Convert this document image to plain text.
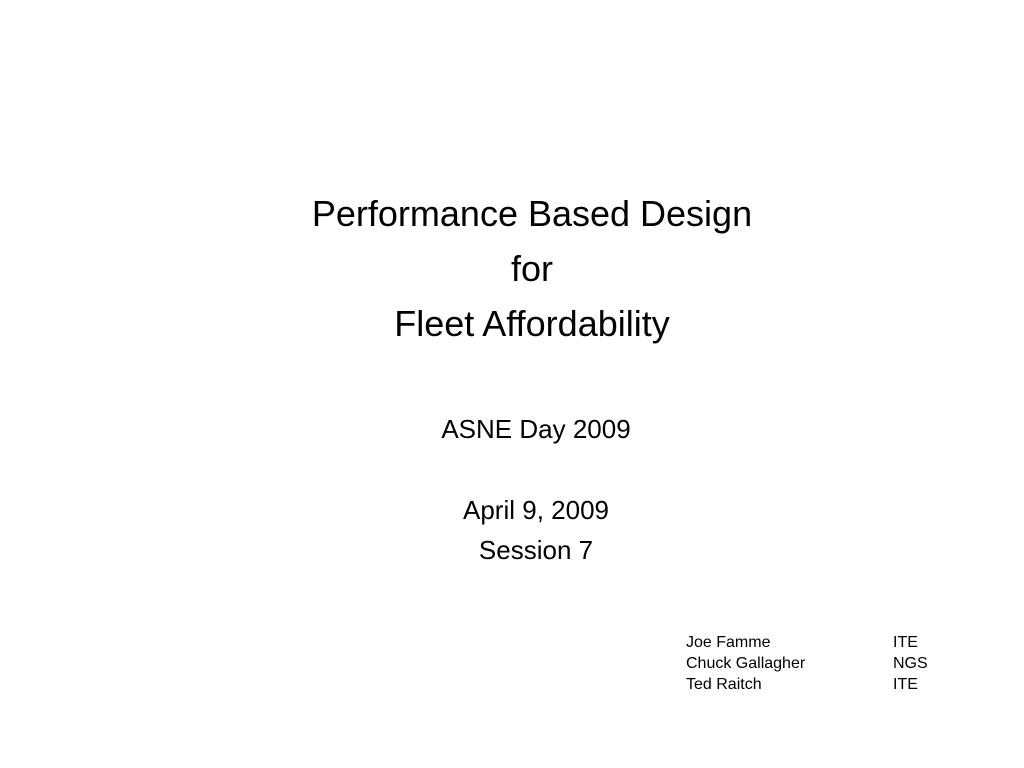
Performance Based Design
for
Fleet Affordability
ASNE Day 2009
April 9, 2009
Session 7
Joe Famme	ITE
Chuck Gallagher	NGS
Ted Raitch	ITE
